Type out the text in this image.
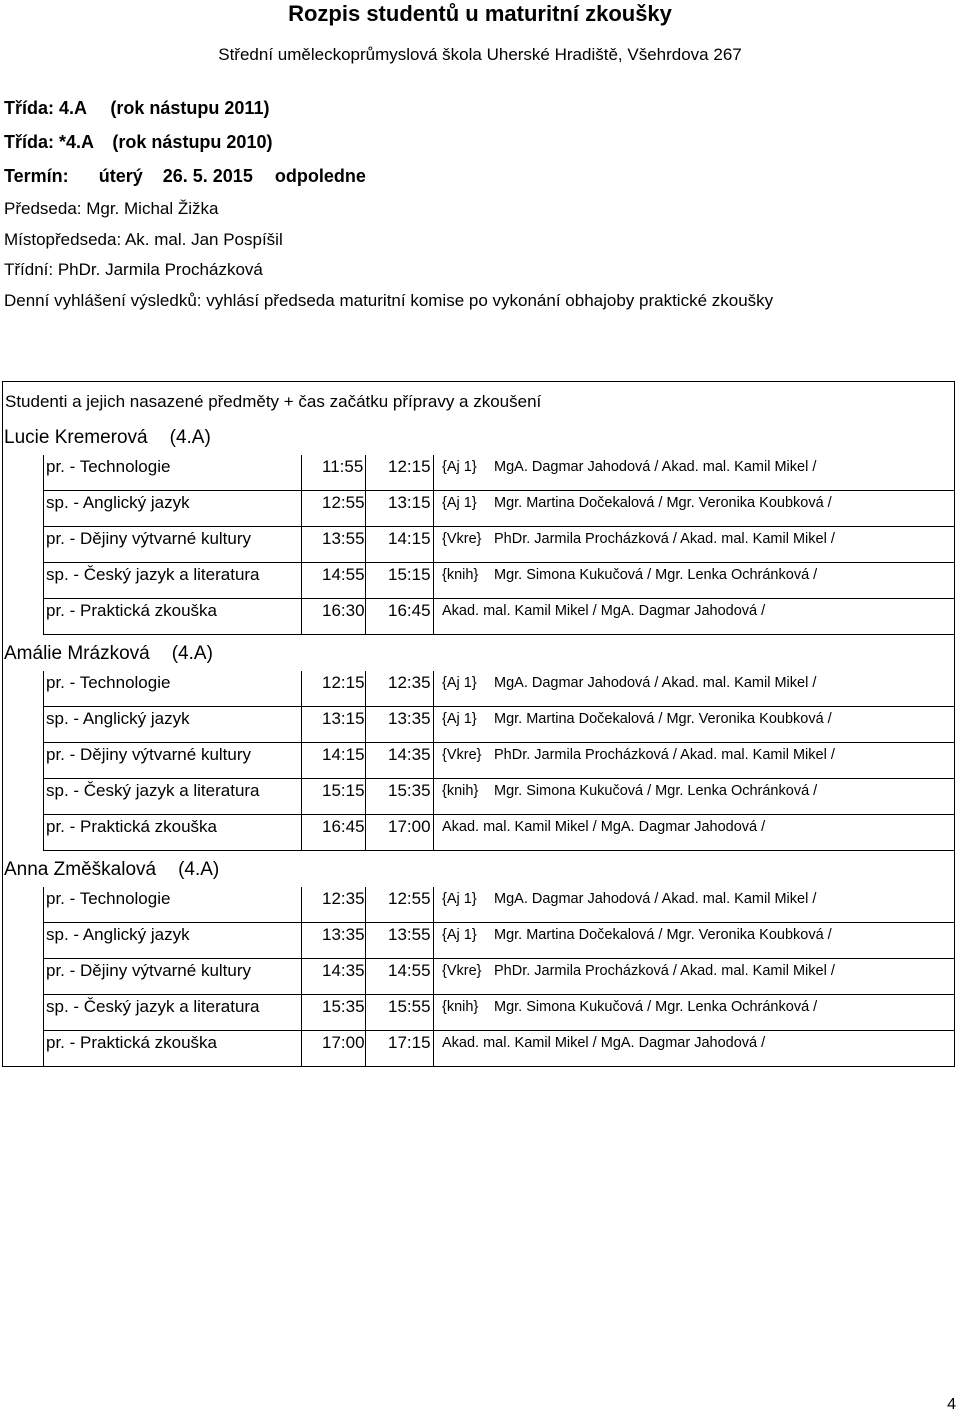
Rozpis studentů u maturitní zkoušky
Střední uměleckoprůmyslová škola Uherské Hradiště, Všehrdova 267
Třída: 4.A (rok nástupu 2011)
Třída: *4.A (rok nástupu 2010)
Termín: úterý 26. 5. 2015 odpoledne
Předseda: Mgr. Michal Žižka
Místopředseda: Ak. mal. Jan Pospíšil
Třídní: PhDr. Jarmila Procházková
Denní vyhlášení výsledků: vyhlásí předseda maturitní komise po vykonání obhajoby praktické zkoušky
Studenti a jejich nasazené předměty + čas začátku přípravy a zkoušení
Lucie Kremerová (4.A)
pr. - Technologie	11:55	12:15 {Aj 1} MgA. Dagmar Jahodová / Akad. mal. Kamil Mikel /
sp. - Anglický jazyk	12:55	13:15 {Aj 1} Mgr. Martina Dočekalová / Mgr. Veronika Koubková /
pr. - Dějiny výtvarné kultury	13:55	14:15 {Vkre} PhDr. Jarmila Procházková / Akad. mal. Kamil Mikel /
sp. - Český jazyk a literatura	14:55	15:15 {knih} Mgr. Simona Kukučová / Mgr. Lenka Ochránková /
pr. - Praktická zkouška	16:30	16:45 Akad. mal. Kamil Mikel / MgA. Dagmar Jahodová /
Amálie Mrázková (4.A)
pr. - Technologie	12:15	12:35 {Aj 1} MgA. Dagmar Jahodová / Akad. mal. Kamil Mikel /
sp. - Anglický jazyk	13:15	13:35 {Aj 1} Mgr. Martina Dočekalová / Mgr. Veronika Koubková /
pr. - Dějiny výtvarné kultury	14:15	14:35 {Vkre} PhDr. Jarmila Procházková / Akad. mal. Kamil Mikel /
sp. - Český jazyk a literatura	15:15	15:35 {knih} Mgr. Simona Kukučová / Mgr. Lenka Ochránková /
pr. - Praktická zkouška	16:45	17:00 Akad. mal. Kamil Mikel / MgA. Dagmar Jahodová /
Anna Změškalová (4.A)
pr. - Technologie	12:35	12:55 {Aj 1} MgA. Dagmar Jahodová / Akad. mal. Kamil Mikel /
sp. - Anglický jazyk	13:35	13:55 {Aj 1} Mgr. Martina Dočekalová / Mgr. Veronika Koubková /
pr. - Dějiny výtvarné kultury	14:35	14:55 {Vkre} PhDr. Jarmila Procházková / Akad. mal. Kamil Mikel /
sp. - Český jazyk a literatura	15:35	15:55 {knih} Mgr. Simona Kukučová / Mgr. Lenka Ochránková /
pr. - Praktická zkouška	17:00	17:15 Akad. mal. Kamil Mikel / MgA. Dagmar Jahodová /
4
